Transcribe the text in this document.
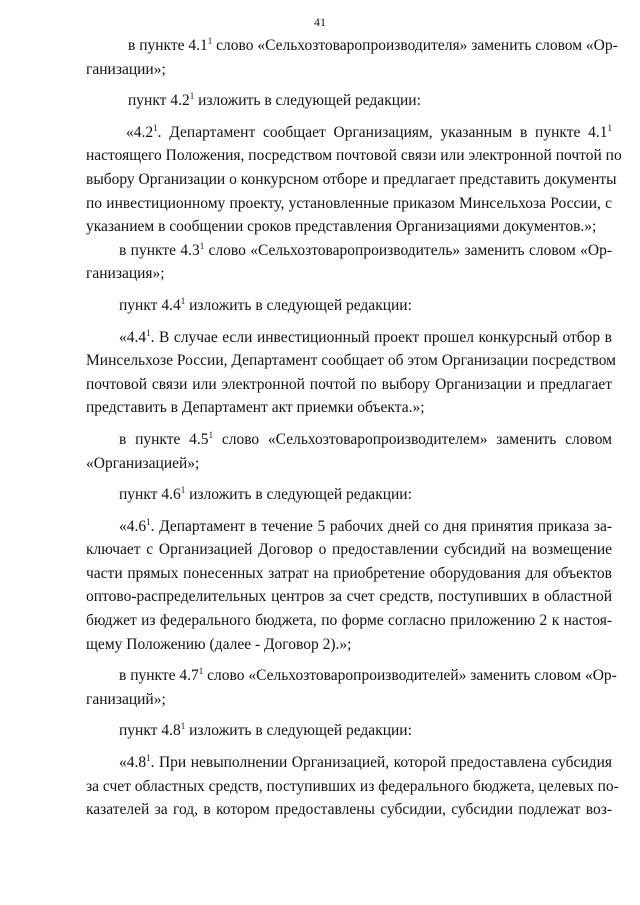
41
в пункте $4.1^1$ слово «Сельхозтоваропроизводителя» заменить словом «Ор-
ганизации»;
пункт $4.2^1$ изложить в следующей редакции:
«$4.2^1$. Департамент сообщает Организациям, указанным в пункте $4.1^1$
настоящего Положения, посредством почтовой связи или электронной почтой по
выбору Организации о конкурсном отборе и предлагает представить документы
по инвестиционному проекту, установленные приказом Минсельхоза России, с
указанием в сообщении сроков представления Организациями документов.»;
в пункте $4.3^1$ слово «Сельхозтоваропроизводитель» заменить словом «Ор-
ганизация»;
пункт $4.4^1$ изложить в следующей редакции:
«$4.4^1$. В случае если инвестиционный проект прошел конкурсный отбор в
Минсельхозе России, Департамент сообщает об этом Организации посредством
почтовой связи или электронной почтой по выбору Организации и предлагает
представить в Департамент акт приемки объекта.»;
в пункте $4.5^1$ слово «Сельхозтоваропроизводителем» заменить словом
«Организацией»;
пункт $4.6^1$ изложить в следующей редакции:
«$4.6^1$. Департамент в течение 5 рабочих дней со дня принятия приказа за-
ключает с Организацией Договор о предоставлении субсидий на возмещение
части прямых понесенных затрат на приобретение оборудования для объектов
оптово-распределительных центров за счет средств, поступивших в областной
бюджет из федерального бюджета, по форме согласно приложению 2 к настоя-
щему Положению (далее - Договор 2).»;
в пункте $4.7^1$ слово «Сельхозтоваропроизводителей» заменить словом «Ор-
ганизаций»;
пункт $4.8^1$ изложить в следующей редакции:
«$4.8^1$. При невыполнении Организацией, которой предоставлена субсидия
за счет областных средств, поступивших из федерального бюджета, целевых по-
казателей за год, в котором предоставлены субсидии, субсидии подлежат воз-
